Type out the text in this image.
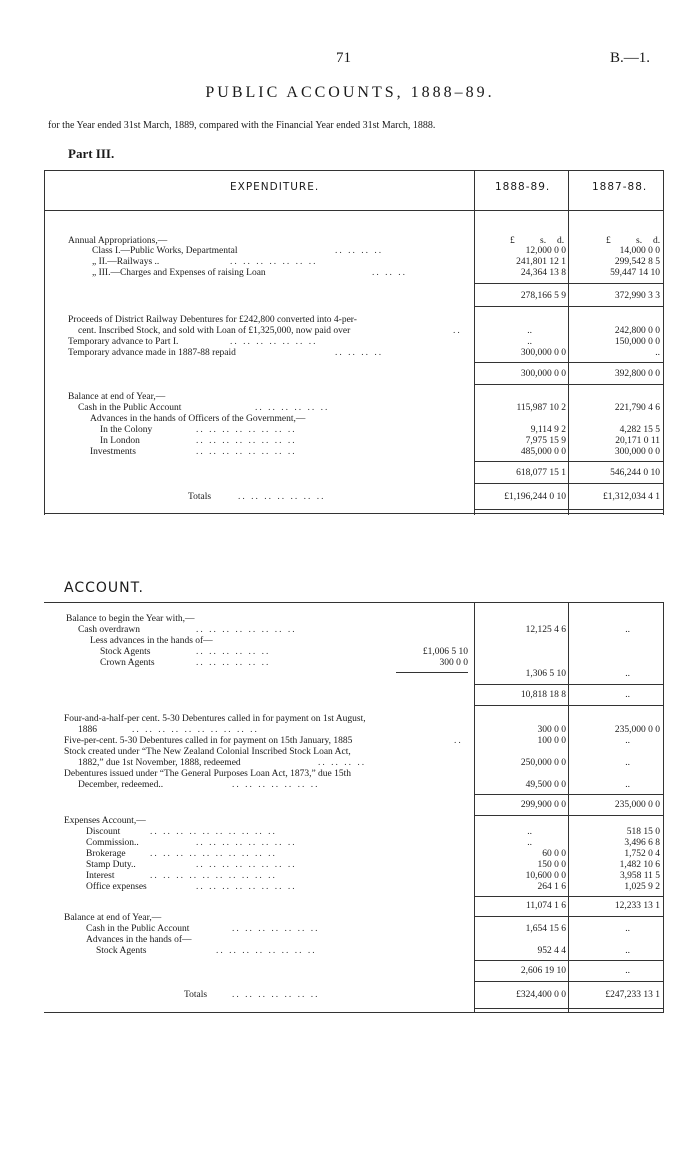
71	B.—1.
PUBLIC ACCOUNTS, 1888–89.
for the Year ended 31st March, 1889, compared with the Financial Year ended 31st March, 1888.
Part III.
EXPENDITURE.	1888-89.	1887-88.
£	s. d.	£	s. d.
Annual Appropriations,—
Class I.—Public Works, Departmental	.. .. .. ..	12,000 0 0	14,000 0 0
„ II.—Railways ..	.. .. .. .. .. .. ..	241,801 12 1	299,542 8 5
„ III.—Charges and Expenses of raising Loan	.. .. ..	24,364 13 8	59,447 14 10
278,166 5 9	372,990 3 3
Proceeds of District Railway Debentures for £242,800 converted into 4-per-
cent. Inscribed Stock, and sold with Loan of £1,325,000, now paid over	..	..	242,800 0 0
Temporary advance to Part I.	.. .. .. .. .. .. ..	..	150,000 0 0
Temporary advance made in 1887-88 repaid	.. .. .. ..	300,000 0 0	..
300,000 0 0	392,800 0 0
Balance at end of Year,—
Cash in the Public Account	.. .. .. .. .. ..	115,987 10 2	221,790 4 6
Advances in the hands of Officers of the Government,—
In the Colony	.. .. .. .. .. .. .. ..	9,114 9 2	4,282 15 5
In London	.. .. .. .. .. .. .. ..	7,975 15 9	20,171 0 11
Investments	.. .. .. .. .. .. .. ..	485,000 0 0	300,000 0 0
618,077 15 1	546,244 0 10
Totals	.. .. .. .. .. .. ..	£1,196,244 0 10	£1,312,034 4 1
ACCOUNT.
Balance to begin the Year with,—
Cash overdrawn	.. .. .. .. .. .. .. ..	12,125 4 6	..
Less advances in the hands of—
Stock Agents	.. .. .. .. .. ..	£1,006 5 10
Crown Agents	.. .. .. .. .. ..	300 0 0
1,306 5 10	..
10,818 18 8	..
Four-and-a-half-per cent. 5-30 Debentures called in for payment on 1st August,
1886	.. .. .. .. .. .. .. .. .. ..	300 0 0	235,000 0 0
Five-per-cent. 5-30 Debentures called in for payment on 15th January, 1885	..	100 0 0	..
Stock created under “The New Zealand Colonial Inscribed Stock Loan Act,
1882,” due 1st November, 1888, redeemed	.. .. .. ..	250,000 0 0	..
Debentures issued under “The General Purposes Loan Act, 1873,” due 15th
December, redeemed..	.. .. .. .. .. .. ..	49,500 0 0	..
299,900 0 0	235,000 0 0
Expenses Account,—
Discount	.. .. .. .. .. .. .. .. .. ..	..	518 15 0
Commission..	.. .. .. .. .. .. .. ..	..	3,496 6 8
Brokerage	.. .. .. .. .. .. .. .. .. ..	60 0 0	1,752 0 4
Stamp Duty..	.. .. .. .. .. .. .. ..	150 0 0	1,482 10 6
Interest	.. .. .. .. .. .. .. .. .. ..	10,600 0 0	3,958 11 5
Office expenses	.. .. .. .. .. .. .. ..	264 1 6	1,025 9 2
11,074 1 6	12,233 13 1
Balance at end of Year,—
Cash in the Public Account	.. .. .. .. .. .. ..	1,654 15 6	..
Advances in the hands of—
Stock Agents	.. .. .. .. .. .. .. ..	952 4 4	..
2,606 19 10	..
Totals	.. .. .. .. .. .. ..	£324,400 0 0	£247,233 13 1
